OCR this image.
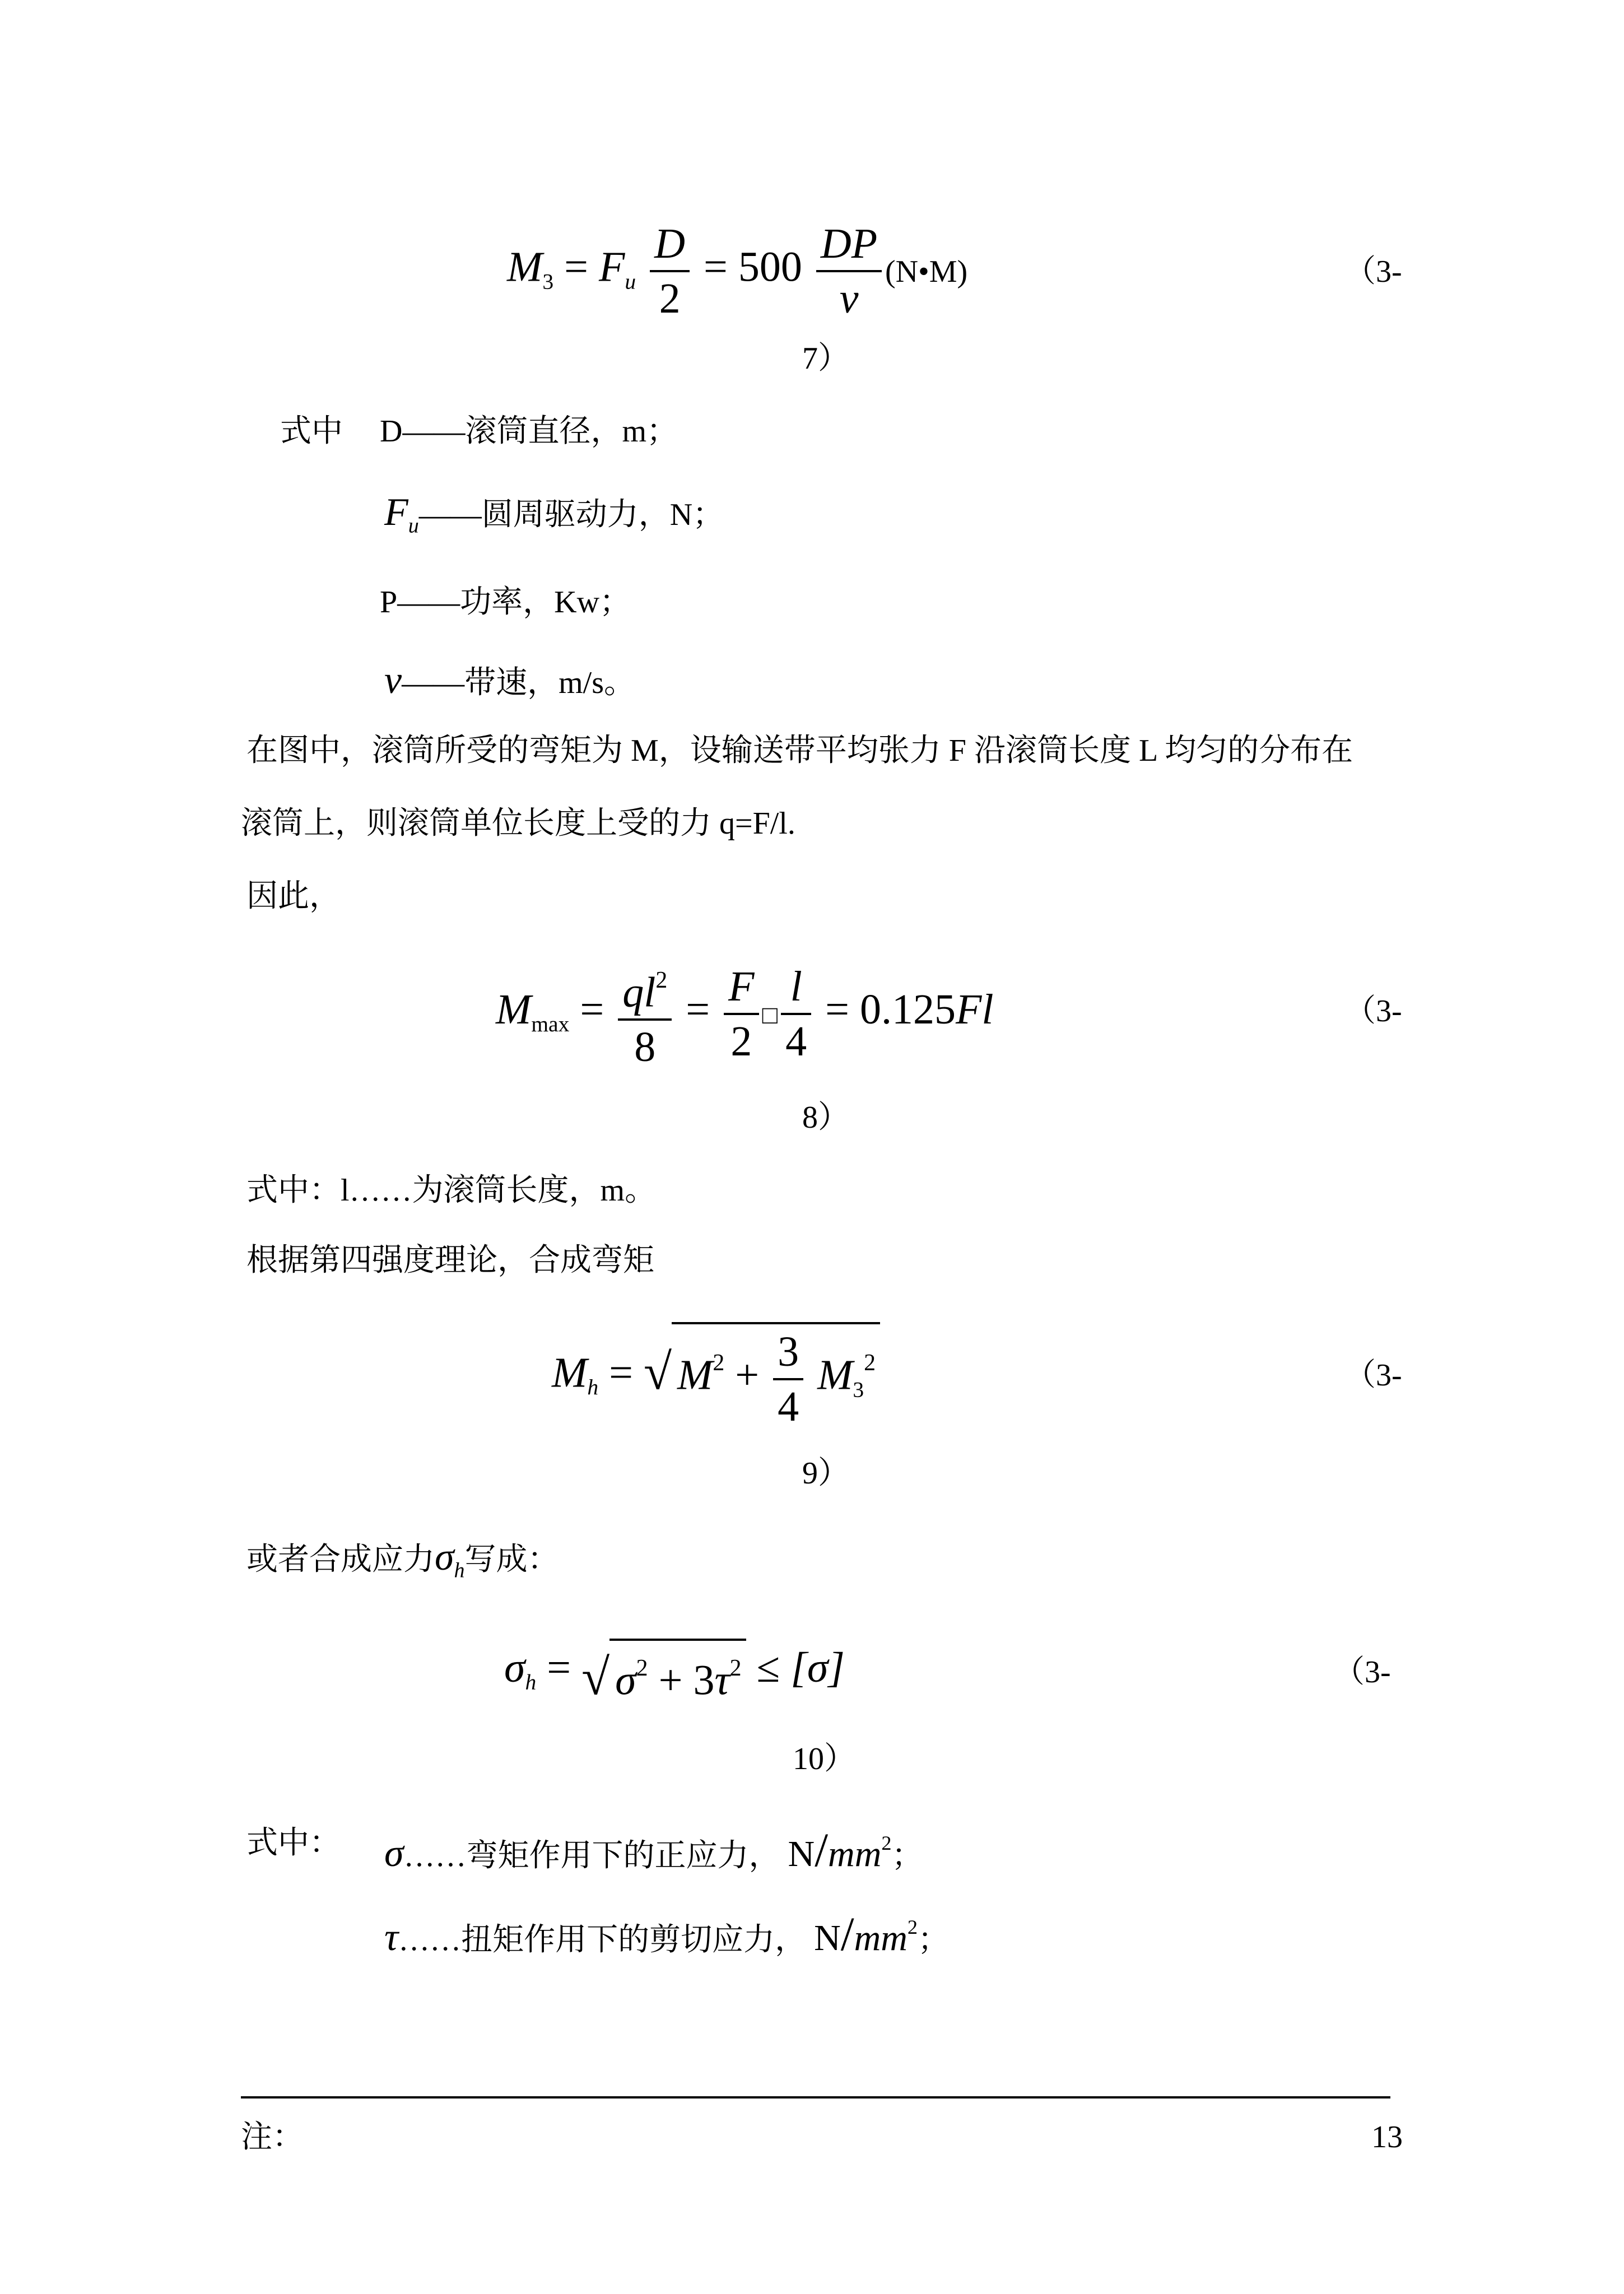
$M_3 = F_u \frac{D}{2} = 500 \frac{DP}{v}$ (N•M)	（3-
7）
式中 D——滚筒直径，m；
$F_u——$圆周驱动力，N；
P——功率，Kw；
v——带速，m/s。
在图中，滚筒所受的弯矩为 M，设输送带平均张力 F 沿滚筒长度 L 均匀的分布在
滚筒上，则滚筒单位长度上受的力 q=F/l.
因此，
$M_{max} = \frac{ql^2}{8} = \frac{F}{2}$ □ $\frac{l}{4} = 0.125Fl$	（3-
8）
式中：l……为滚筒长度，m。
根据第四强度理论，合成弯矩
$M_h$ = √ $M^2 + \frac{3}{4} M_3^2$	（3-
9）
或者合成应力$\sigma_h$写成：
$\sigma_h$ = √ $\sigma^2 + 3\tau^2 \le [\sigma]$	（3-
10）
式中： σ……弯矩作用下的正应力， $N/mm^2$；
τ……扭矩作用下的剪切应力， $N/mm^2$；
注：	13
